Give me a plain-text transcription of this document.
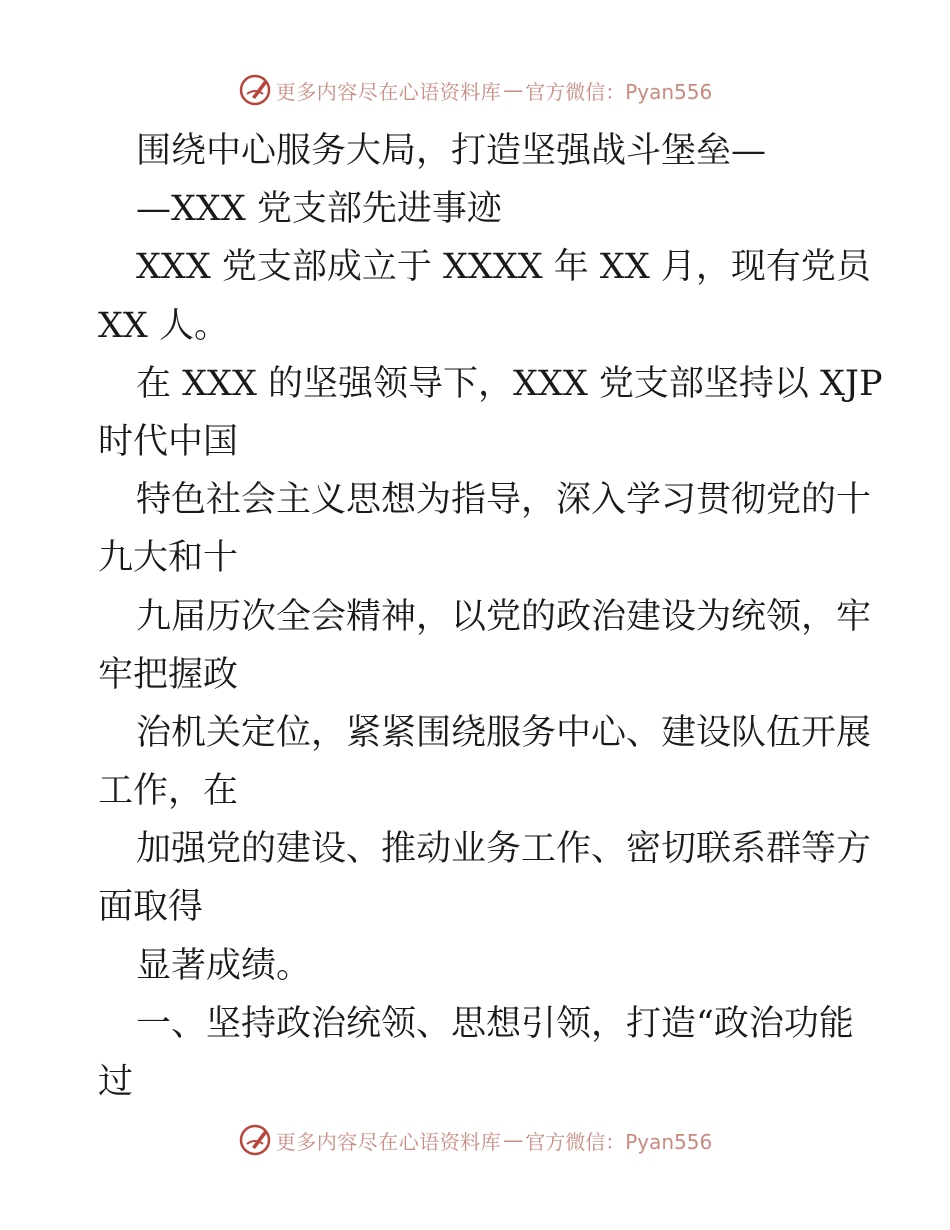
更多内容尽在心语资料库 — 官方微信：Pyan556
围绕中心服务大局，打造坚强战斗堡垒—
—XXX 党支部先进事迹
XXX 党支部成立于 XXXX 年 XX 月，现有党员
XX 人。
在 XXX 的坚强领导下，XXX 党支部坚持以 XJP
时代中国
特色社会主义思想为指导，深入学习贯彻党的十
九大和十
九届历次全会精神，以党的政治建设为统领，牢
牢把握政
治机关定位，紧紧围绕服务中心、建设队伍开展
工作，在
加强党的建设、推动业务工作、密切联系群等方
面取得
显著成绩。
一、坚持政治统领、思想引领，打造“政治功能
过
更多内容尽在心语资料库 — 官方微信：Pyan556
